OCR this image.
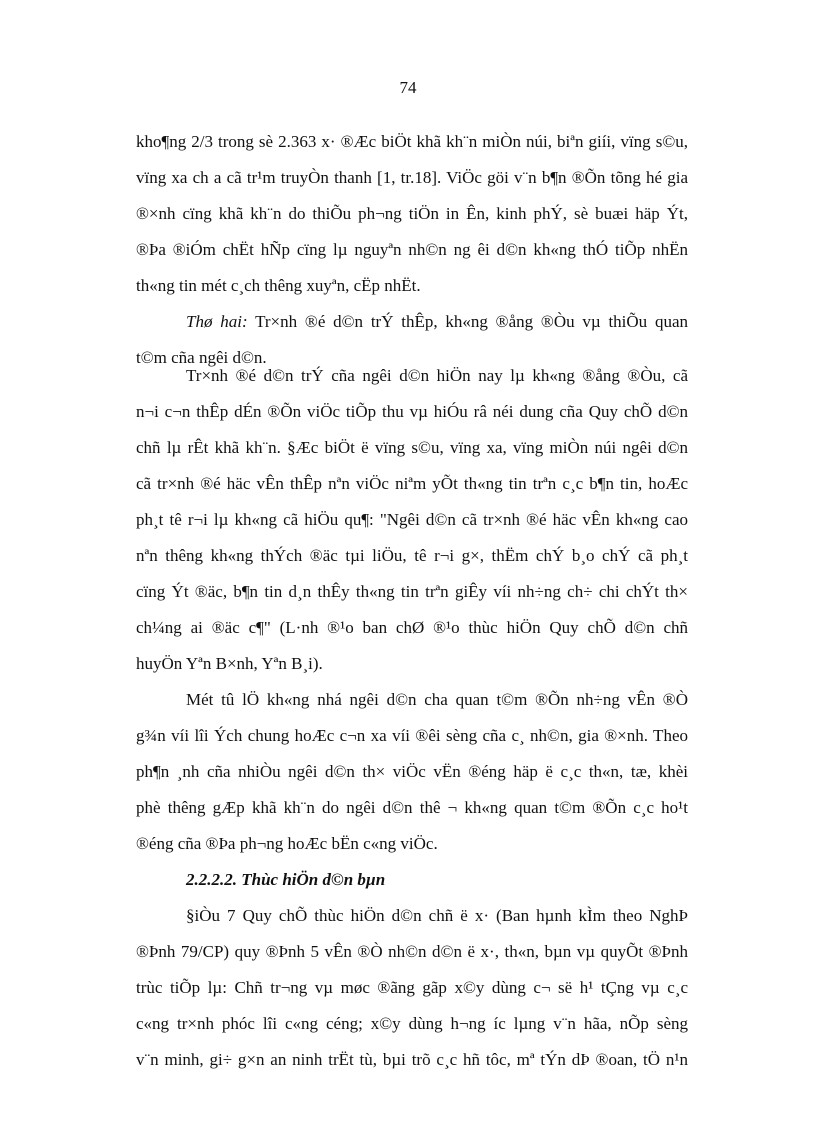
74
kho¶ng 2/3 trong sè 2.363 x· ®Æc biÖt khã kh¨n miÒn núi, biªn giíi, vïng s©u,
vïng xa ch a cã tr¹m truyÒn thanh [1, tr.18]. ViÖc göi v¨n b¶n ®Õn tõng hé gia
®×nh cïng khã kh¨n do thiÕu ph¬ng tiÖn in Ên, kinh phÝ, sè buæi häp Ýt,
®Þa ®iÓm chËt hÑp cïng lµ nguyªn nh©n ng êi d©n kh«ng thÓ tiÕp nhËn
th«ng tin mét c¸ch thêng xuyªn, cËp nhËt.
Thø hai: Tr×nh ®é d©n trÝ thÊp, kh«ng ®ång ®Òu vµ thiÕu quan
t©m cña ngêi d©n.
Tr×nh ®é d©n trÝ cña ngêi d©n hiÖn nay lµ kh«ng ®ång ®Òu, cã
n¬i c¬n thÊp dÉn ®Õn viÖc tiÕp thu vµ hiÓu râ néi dung cña Quy chÕ d©n
chñ lµ rÊt khã kh¨n. §Æc biÖt ë vïng s©u, vïng xa, vïng miÒn núi ngêi d©n
cã tr×nh ®é häc vÊn thÊp nªn viÖc niªm yÕt th«ng tin trªn c¸c b¶n tin, hoÆc
ph¸t tê r¬i lµ kh«ng cã hiÖu qu¶: "Ngêi d©n cã tr×nh ®é häc vÊn kh«ng cao
nªn thêng kh«ng thÝch ®äc tµi liÖu, tê r¬i g×, thËm chÝ b¸o chÝ cã ph¸t
cïng Ýt ®äc, b¶n tin d¸n thÊy th«ng tin trªn giÊy víi nh÷ng ch÷ chi chÝt th×
ch¼ng ai ®äc c¶" (L·nh ®¹o ban chØ ®¹o thùc hiÖn Quy chÕ d©n chñ
huyÖn Yªn B×nh, Yªn B¸i).
Mét tû lÖ kh«ng nhá ngêi d©n cha quan t©m ®Õn nh÷ng vÊn ®Ò
g¾n víi lîi Ých chung hoÆc c¬n xa víi ®êi sèng cña c¸ nh©n, gia ®×nh. Theo
ph¶n ¸nh cña nhiÒu ngêi d©n th× viÖc vËn ®éng häp ë c¸c th«n, tæ, khèi
phè thêng gÆp khã kh¨n do ngêi d©n thê ¬ kh«ng quan t©m ®Õn c¸c ho¹t
®éng cña ®Þa ph¬ng hoÆc bËn c«ng viÖc.
2.2.2.2. Thùc hiÖn d©n bµn
§iÒu 7 Quy chÕ thùc hiÖn d©n chñ ë x· (Ban hµnh kÌm theo NghÞ
®Þnh 79/CP) quy ®Þnh 5 vÊn ®Ò nh©n d©n ë x·, th«n, bµn vµ quyÕt ®Þnh
trùc tiÕp lµ: Chñ tr¬ng vµ møc ®ãng gãp x©y dùng c¬ së h¹ tÇng vµ c¸c
c«ng tr×nh phóc lîi c«ng céng; x©y dùng h¬ng íc lµng v¨n hãa, nÕp sèng
v¨n minh, gi÷ g×n an ninh trËt tù, bµi trõ c¸c hñ tôc, mª tÝn dÞ ®oan, tÖ n¹n
